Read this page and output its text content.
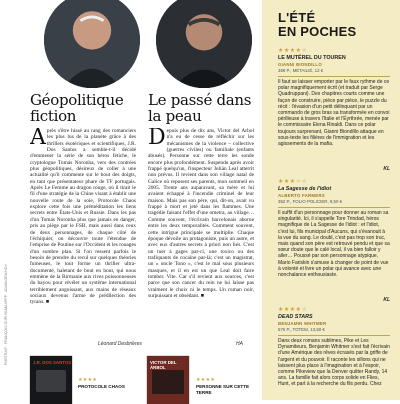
PORTRAIT : FRANÇOIS DUPUIS/MAXPPP - ADAM ORA/HDV
Géopolitique
fiction
Après s'être hissé au rang des romanciers les plus lus de la planète grâce à des thrillers ésotériques et scientifiques, J.R. Dos Santos a semble-t-il décidé d'emmener la série de son héros fétiche, le cryptologue Tomás Noronha, vers des contrées plus géopolitiques, désireux de coller à une actualité qu'il commente sur le bout des doigts, en tant que présentateur phare de TF portugais. Après Le Femme au dragon rouge, où il tirait le fil d'une stratégie de la Chine visant à établir une nouvelle route de la soie, Protocole Chaos explore cette fois une préméditation les liens secrets entre États-Unis et Russie. Dans les pas d'un Tomás Noronha plus que jamais en danger, pris au piège par le FSB, mais aussi dans ceux de deux personnages, de chaque côté de l'échiquier, on découvre toute l'étendue de l'emprise de Poutine sur l'Occident et les rouages d'un sombre plan. Si l'on ressent parfois le besoin de prendre du recul sur quelques théories fumeuses, le tout forme un thriller ultra-documenté, haletant de bout en bout, qui nous emmène de la Birmanie aux rives poissonneuses du bayou pour révéler un système international terriblement angoissant, aux mains de réseaux sociaux devenus l'arme de prédilection des tyrans. ■
Léonard Desbrières
Le passé dans
la peau
Depuis plus de dix ans, Victor del Árbol n'a eu de cesse de réfléchir sur les mécanismes de la violence – collective (guerres civiles) ou familiale (enfants abusés). Personne sur cette terre les sonde encore plus profondément. Suspendu après avoir frappé quelqu'un, l'inspecteur Julián Leal atterrit non prévus. Il revient dans son village natal de Galice où reposent ses parents, mon sommeil en 2005. Trente ans auparavant, sa mère et lui avaient échappé à l'incendie criminel de leur maison. Mais pas son père, qui, dit-on, avait vu frappé à mort et jeté dans les flammes. Une tragédie faisant l'effet d'une ometra, au village… Comme souvent, l'écrivain barcelonais aborne entre les deux temporalités. Comment souvent, cette intrigue principale se multiplie. Chaque époque dévoile un protagoniste, puis un autre, et avec eux d'autres secrets à priori non liés. C'est un tuer à gages par-ci, une toxico ou des trafiquants de cocaïne par-là; c'est un magistrat, un « oncle Tono », c'est le mal sous plusieurs masques, et il en est un que Leal doit faire tomber. Vite. Car s'il revient aux sources, c'est parce que son cancer du rein ne lui laisse pas vraiment le choix ni le temps. Un roman noir, surpuissant et obsédant. ■
HA
J.R. DOS SANTOS
★★★★
PROTOCOLE CHAOS
VICTOR DEL ÁRBOL
★★★★
PERSONNE SUR CETTE TERRE
L'ÉTÉ
EN POCHES
★★★★★
LE MUTÉREL DU TOUREN
GIANNI BIONDILLO
368 P., MÉTAILIÉ, 12 €
Il faut se laisser emporter par le faux rythme de ce polar magnifiquement écrit (et traduit par Serge Quadruppani). Des chapitres courts comme une façon de construire, pièce par pièce, le puzzle du récit : l'évasion d'un petit délinquant par un commando de gros bras sa transformée en convoi périlleuse à travers l'Italie et l'Éyrthrée, menée par le commissaire Elena Rinaldi. Dans ce polar toujours surprenant, Gianni Biondillo attaque en sous-texte les filières de l'immigration et les agissements de la mafia.
KL
★★★★★
La Sagesse de l'idiot
ALBERTO FARMERS
352 P., FOLIO POLICIER, 9,50 €
Il suffit d'un personnage pour donner au roman sa singularité. Ici, il s'appelle Tore Trindad, héros magnifique de La Sagesse de l'idiot : et l'idiot, c'est lui, fils municipal d'Aucuns, qui s'évanouit à la vue du sang. Le doubl, c'est pas trop son truc, mais quand son père est retrouvé pendu et que sa sœur doute que le calé local, il va bien falloir y aller… Poussé par son personnage atypique, Mario Fariskin s'amuse à changer de point de vue à volonté et livre un polar qui avance avec une nonchalance enthousiaste.
KL
★★★★★
DEAD STARS
BENJAMIN WHITMER
576 P., TOTEM, 13,50 €
Dans deux romans sublimes, Pike et Les Dynamiteurs, Benjamin Whitmer s'est fait l'écrivain d'une Amérique des rêves écrasés par la griffe de l'argent et du pouvoir. Il raconte les sillons qui ne laissent plus place à l'imagination et à l'espoir, comme Pikeview que la Denver quitter Randy, 14 ans. La famille fait alors corps solide en Flies, Hunt, et part à la recherche du fils perdu. Chez
